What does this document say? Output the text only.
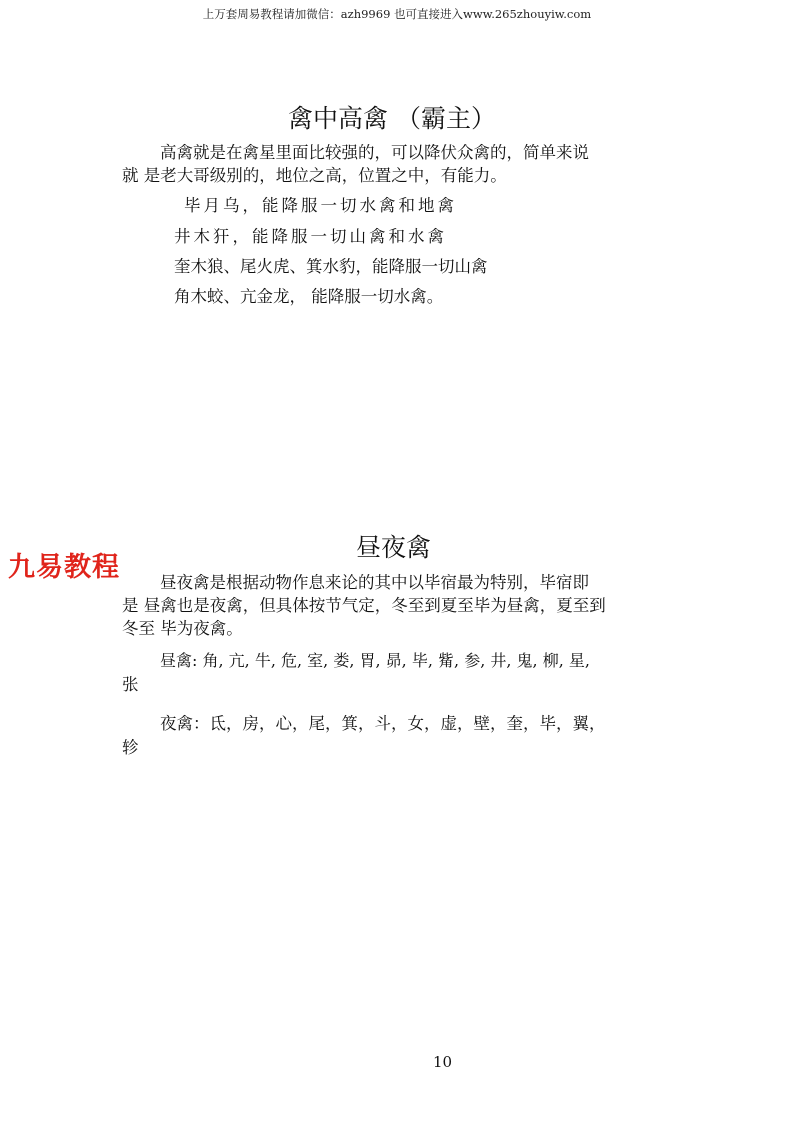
上万套周易教程请加微信：azh9969 也可直接进入www.265zhouyiw.com
禽中高禽 （霸主）
高禽就是在禽星里面比较强的，可以降伏众禽的，简单来说
就 是老大哥级别的，地位之高，位置之中，有能力。
毕月乌，能降服一切水禽和地禽
井木犴，能降服一切山禽和水禽
奎木狼、尾火虎、箕水豹，能降服一切山禽
角木蛟、亢金龙， 能降服一切水禽。
九易教程
昼夜禽
昼夜禽是根据动物作息来论的其中以毕宿最为特别，毕宿即
是 昼禽也是夜禽，但具体按节气定，冬至到夏至毕为昼禽，夏至到
冬至 毕为夜禽。
昼禽: 角, 亢, 牛, 危, 室, 娄, 胃, 昴, 毕, 觜, 参, 井, 鬼, 柳, 星,
张
夜禽：氐，房，心，尾，箕，斗，女，虚，壁，奎，毕，翼，
轸
10
